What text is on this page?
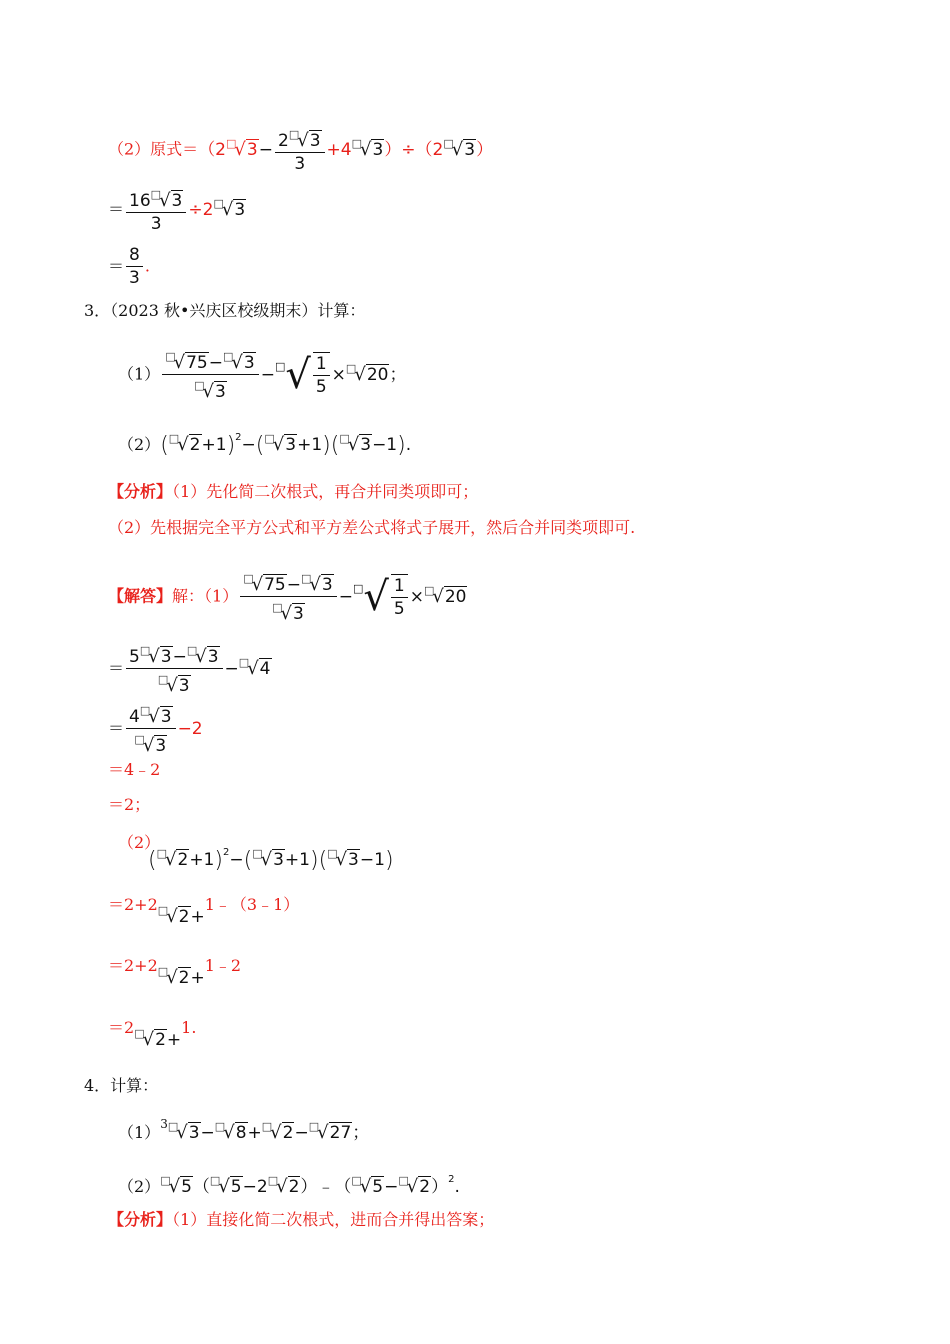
（2）原式$=(2^□√3- \frac{2^□√3}{3} +4^□√3)\div(2^□√3)$
＝ $\frac{16^□√3}{3} \div 2^□√3$
＝ $\frac{8}{3}$ .
3．（2023 秋•兴庆区校级期末）计算：
$(1) \frac{^□√75-^□√3}{^□√3} -^□√ \frac{1}{5} \times^□√20$；
$(2)(^□√2+1)^2-(^□√3+1)(^□√3-1)$.
【分析】（1）先化简二次根式，再合并同类项即可；
（2）先根据完全平方公式和平方差公式将式子展开，然后合并同类项即可.
【解答】解：$(1) \frac{^□√75-^□√3}{^□√3} -^□√ \frac{1}{5} \times^□√20$
＝ $\frac{5^□√3-^□√3}{^□√3} -^□√4$
＝ $\frac{4^□√3}{^□√3} -2$
＝4﹣2
＝2；
（2）
$(^□√2+1)^2-(^□√3+1)(^□√3-1)$
＝2+2□√2+1﹣（3﹣1）
＝2+2□√2+1﹣2
＝2□√2+1.
4．计算：
$(1)^{3□}√3-^□√8+^□√2-^□√27$；
$(2)^□√5(^□√5-2^□√2)﹣(^□√5-^□√2)^2$.
【分析】（1）直接化简二次根式，进而合并得出答案；
